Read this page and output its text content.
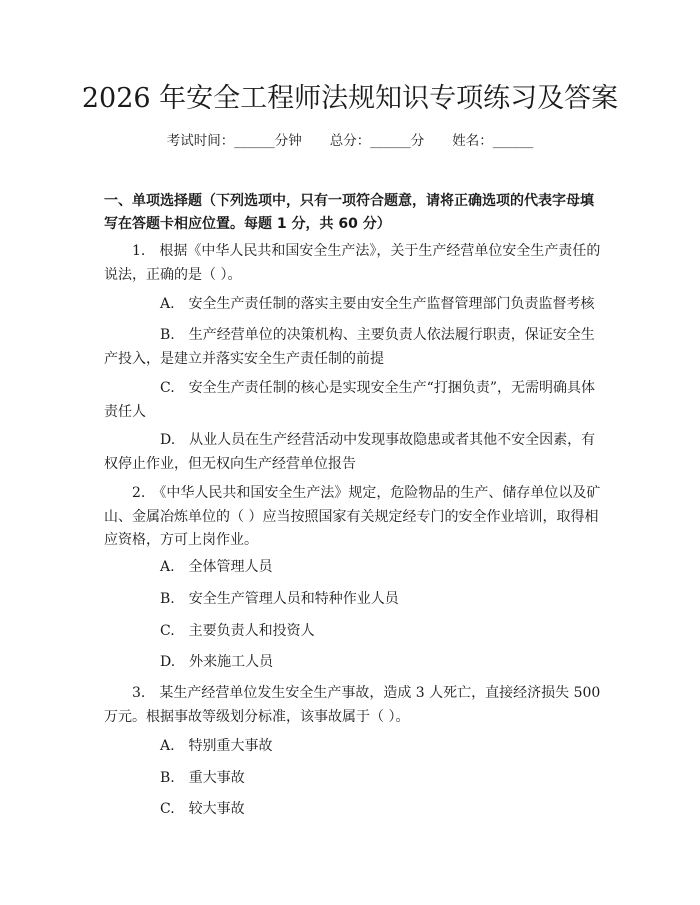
2026 年安全工程师法规知识专项练习及答案
考试时间：______分钟 总分：______分 姓名：______
一、单项选择题（下列选项中，只有一项符合题意，请将正确选项的代表字母填写在答题卡相应位置。每题 1 分，共 60 分）
1.　根据《中华人民共和国安全生产法》，关于生产经营单位安全生产责任的说法，正确的是（ ）。
A.　安全生产责任制的落实主要由安全生产监督管理部门负责监督考核
B.　生产经营单位的决策机构、主要负责人依法履行职责，保证安全生产投入，是建立并落实安全生产责任制的前提
C.　安全生产责任制的核心是实现安全生产“打捆负责”，无需明确具体责任人
D.　从业人员在生产经营活动中发现事故隐患或者其他不安全因素，有权停止作业，但无权向生产经营单位报告
2.　《中华人民共和国安全生产法》规定，危险物品的生产、储存单位以及矿山、金属冶炼单位的（ ）应当按照国家有关规定经专门的安全作业培训，取得相应资格，方可上岗作业。
A.　全体管理人员
B.　安全生产管理人员和特种作业人员
C.　主要负责人和投资人
D.　外来施工人员
3.　某生产经营单位发生安全生产事故，造成 3 人死亡，直接经济损失 500 万元。根据事故等级划分标准，该事故属于（ ）。
A.　特别重大事故
B.　重大事故
C.　较大事故
